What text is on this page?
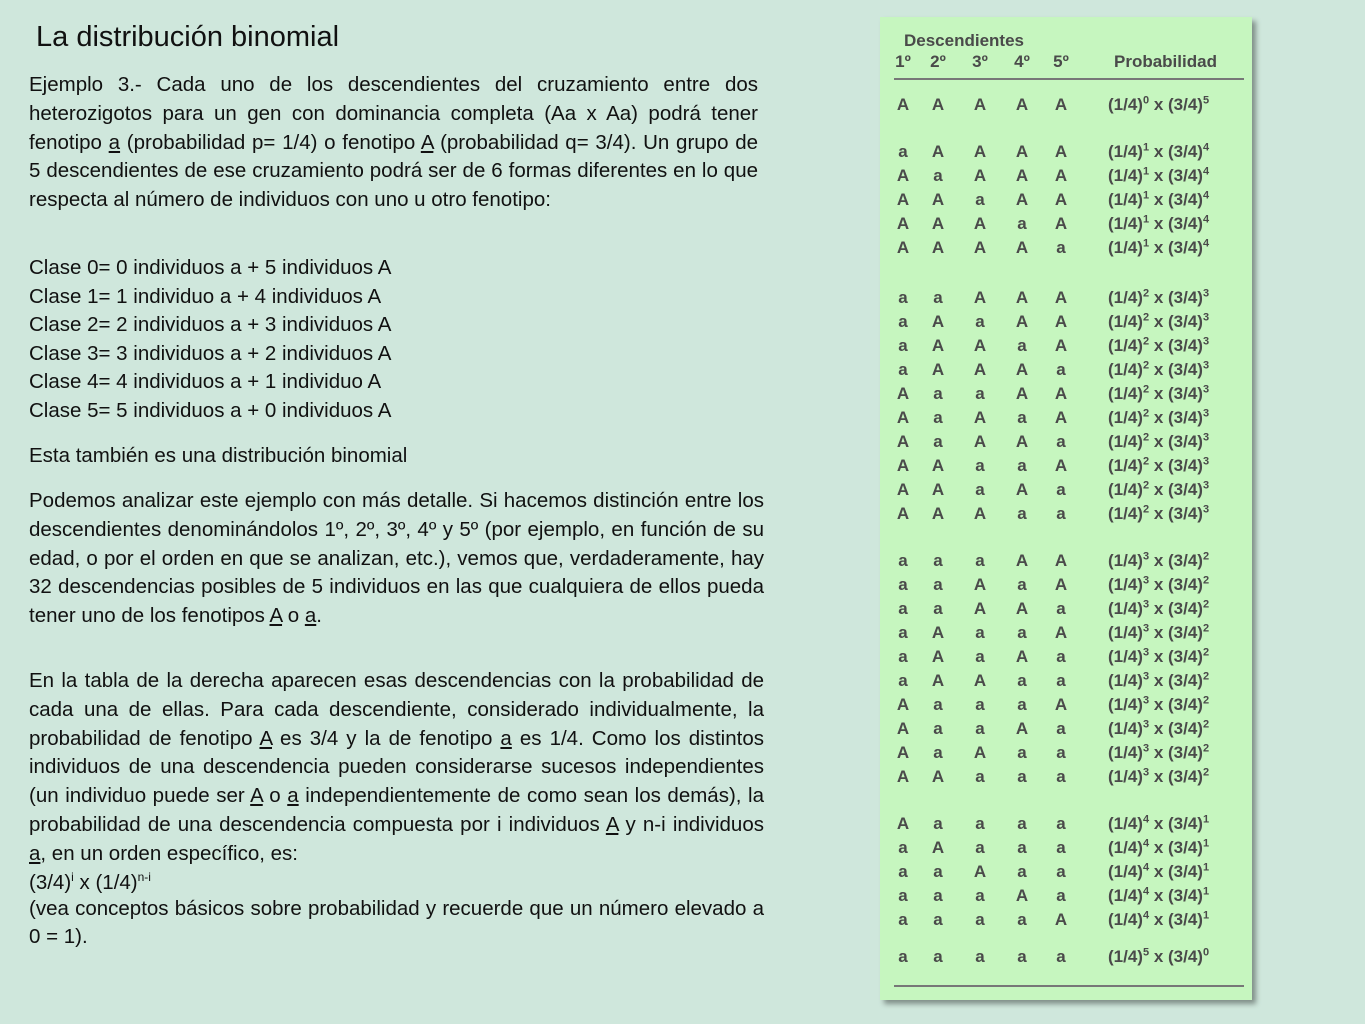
La distribución binomial
Ejemplo 3.- Cada uno de los descendientes del cruzamiento entre dos heterozigotos para un gen con dominancia completa (Aa x Aa) podrá tener fenotipo a (probabilidad p= 1/4) o fenotipo A (probabilidad q= 3/4). Un grupo de 5 descendientes de ese cruzamiento podrá ser de 6 formas diferentes en lo que respecta al número de individuos con uno u otro fenotipo:
Clase 0= 0 individuos a + 5 individuos A
Clase 1= 1 individuo a + 4 individuos A
Clase 2= 2 individuos a + 3 individuos A
Clase 3= 3 individuos a + 2 individuos A
Clase 4= 4 individuos a + 1 individuo A
Clase 5= 5 individuos a + 0 individuos A
Esta también es una distribución binomial
Podemos analizar este ejemplo con más detalle. Si hacemos distinción entre los descendientes denominándolos 1º, 2º, 3º, 4º y 5º (por ejemplo, en función de su edad, o por el orden en que se analizan, etc.), vemos que, verdaderamente, hay 32 descendencias posibles de 5 individuos en las que cualquiera de ellos pueda tener uno de los fenotipos A o a.
En la tabla de la derecha aparecen esas descendencias con la probabilidad de cada una de ellas. Para cada descendiente, considerado individualmente, la probabilidad de fenotipo A es 3/4 y la de fenotipo a es 1/4. Como los distintos individuos de una descendencia pueden considerarse sucesos independientes (un individuo puede ser A o a independientemente de como sean los demás), la probabilidad de una descendencia compuesta por i individuos A y n-i individuos a, en un orden específico, es:
$(3/4)^i$ x $(1/4)^{n-i}$
(vea conceptos básicos sobre probabilidad y recuerde que un número elevado a 0 = 1).
Descendientes
1º	2º	3º	4º	5º	Probabilidad
A	A	A	A	A	$(1/4)^0$ x $(3/4)^5$
a	A	A	A	A	$(1/4)^1$ x $(3/4)^4$
A	a	A	A	A	$(1/4)^1$ x $(3/4)^4$
A	A	a	A	A	$(1/4)^1$ x $(3/4)^4$
A	A	A	a	A	$(1/4)^1$ x $(3/4)^4$
A	A	A	A	a	$(1/4)^1$ x $(3/4)^4$
a	a	A	A	A	$(1/4)^2$ x $(3/4)^3$
a	A	a	A	A	$(1/4)^2$ x $(3/4)^3$
a	A	A	a	A	$(1/4)^2$ x $(3/4)^3$
a	A	A	A	a	$(1/4)^2$ x $(3/4)^3$
A	a	a	A	A	$(1/4)^2$ x $(3/4)^3$
A	a	A	a	A	$(1/4)^2$ x $(3/4)^3$
A	a	A	A	a	$(1/4)^2$ x $(3/4)^3$
A	A	a	a	A	$(1/4)^2$ x $(3/4)^3$
A	A	a	A	a	$(1/4)^2$ x $(3/4)^3$
A	A	A	a	a	$(1/4)^2$ x $(3/4)^3$
a	a	a	A	A	$(1/4)^3$ x $(3/4)^2$
a	a	A	a	A	$(1/4)^3$ x $(3/4)^2$
a	a	A	A	a	$(1/4)^3$ x $(3/4)^2$
a	A	a	a	A	$(1/4)^3$ x $(3/4)^2$
a	A	a	A	a	$(1/4)^3$ x $(3/4)^2$
a	A	A	a	a	$(1/4)^3$ x $(3/4)^2$
A	a	a	a	A	$(1/4)^3$ x $(3/4)^2$
A	a	a	A	a	$(1/4)^3$ x $(3/4)^2$
A	a	A	a	a	$(1/4)^3$ x $(3/4)^2$
A	A	a	a	a	$(1/4)^3$ x $(3/4)^2$
A	a	a	a	a	$(1/4)^4$ x $(3/4)^1$
a	A	a	a	a	$(1/4)^4$ x $(3/4)^1$
a	a	A	a	a	$(1/4)^4$ x $(3/4)^1$
a	a	a	A	a	$(1/4)^4$ x $(3/4)^1$
a	a	a	a	A	$(1/4)^4$ x $(3/4)^1$
a	a	a	a	a	$(1/4)^5$ x $(3/4)^0$
